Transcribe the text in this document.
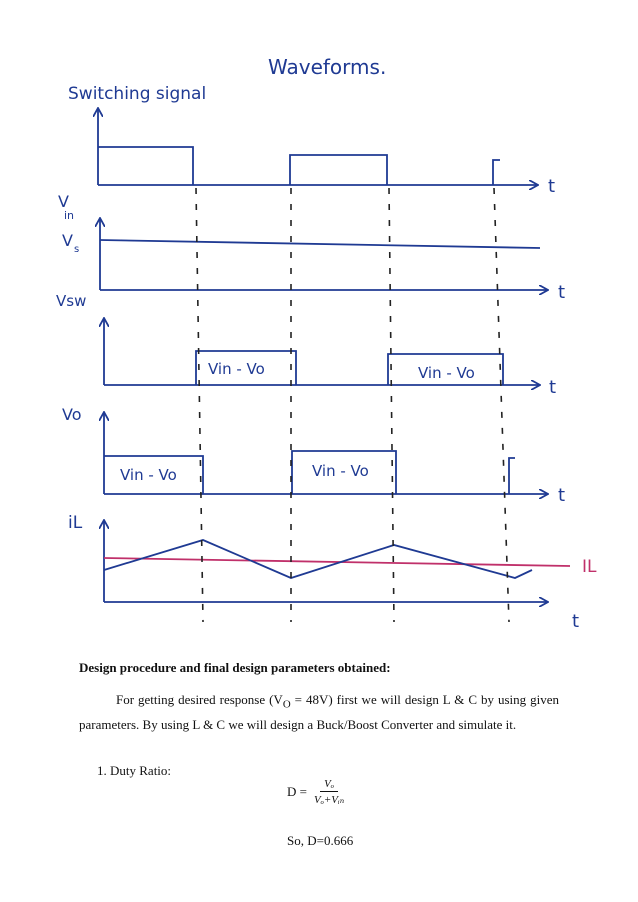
Waveforms.
Switching signal
t
V
in
V s
t
Vsw
Vin - Vo	Vin - Vo
t
Vo
Vin - Vo	Vin - Vo
t
iL
IL
t
Design procedure and final design parameters obtained:
For getting desired response $(V_O = 48V)$ first we will design L & C by using given parameters. By using L & C we will design a Buck/Boost Converter and simulate it.
1. Duty Ratio:
$D = \frac{\text{Vₒ}}{\text{Vₒ+Vᵢₙ}}$
So, D=0.666
